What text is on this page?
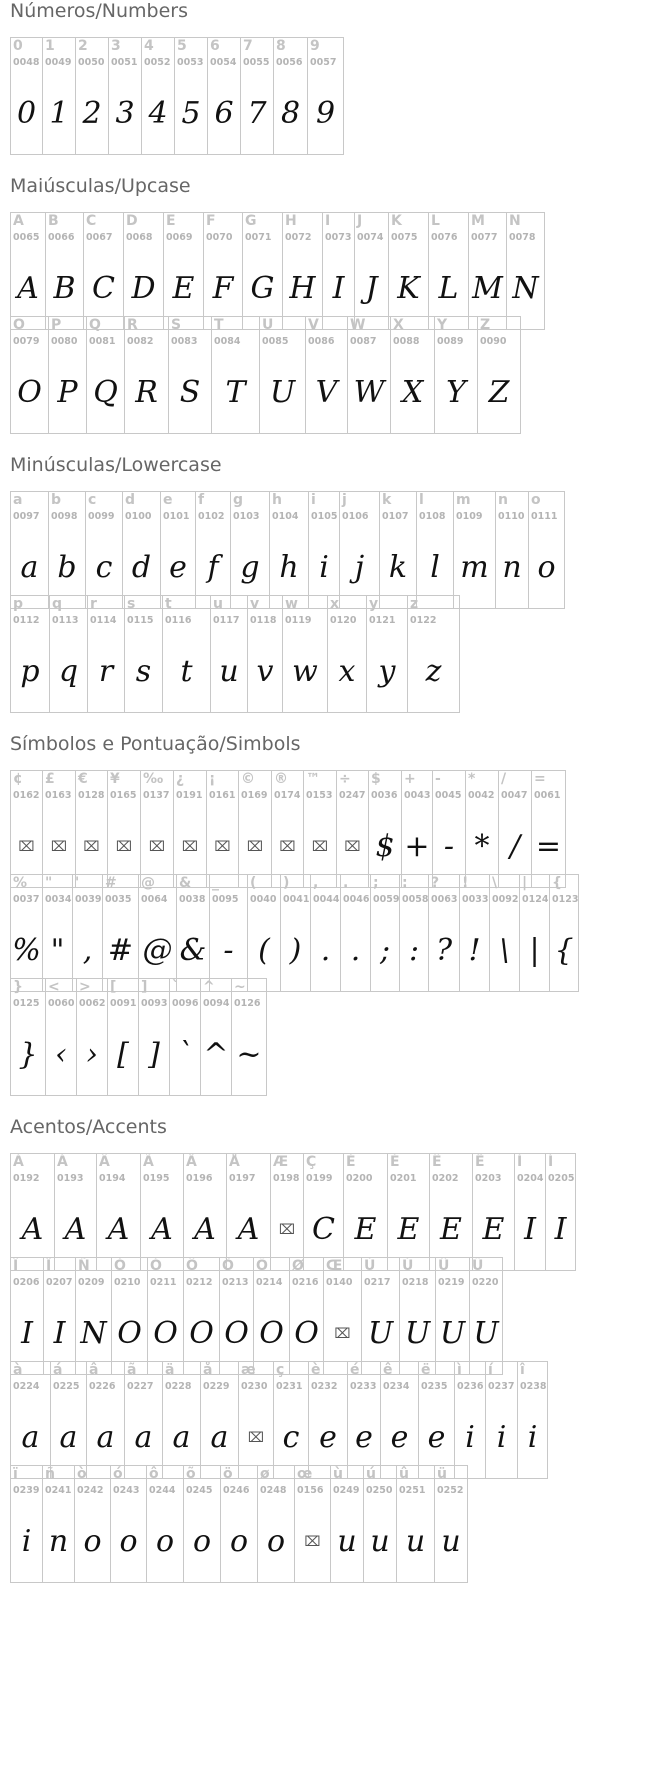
Números/Numbers
0
0048
0
1
0049
1
2
0050
2
3
0051
3
4
0052
4
5
0053
5
6
0054
6
7
0055
7
8
0056
8
9
0057
9
Maiúsculas/Upcase
A
0065
A
B
0066
B
C
0067
C
D
0068
D
E
0069
E
F
0070
F
G
0071
G
H
0072
H
I
0073
I
J
0074
J
K
0075
K
L
0076
L
M
0077
M
N
0078
N
O
0079
O
P
0080
P
Q
0081
Q
R
0082
R
S
0083
S
T
0084
T
U
0085
U
V
0086
V
W
0087
W
X
0088
X
Y
0089
Y
Z
0090
Z
Minúsculas/Lowercase
a
0097
a
b
0098
b
c
0099
c
d
0100
d
e
0101
e
f
0102
f
g
0103
g
h
0104
h
i
0105
i
j
0106
j
k
0107
k
l
0108
l
m
0109
m
n
0110
n
o
0111
o
p
0112
p
q
0113
q
r
0114
r
s
0115
s
t
0116
t
u
0117
u
v
0118
v
w
0119
w
x
0120
x
y
0121
y
z
0122
z
Símbolos e Pontuação/Simbols
¢
0162
⌧
£
0163
⌧
€
0128
⌧
¥
0165
⌧
‰
0137
⌧
¿
0191
⌧
¡
0161
⌧
©
0169
⌧
®
0174
⌧
™
0153
⌧
÷
0247
⌧
$
0036
$
+
0043
+
-
0045
-
*
0042
*
/
0047
/
=
0061
=
%
0037
%
"
0034
"
'
0039
,
#
0035
#
@
0064
@
&
0038
&
_
0095
-
(
0040
(
)
0041
)
,
0044
.
.
0046
.
;
0059
;
:
0058
:
?
0063
?
!
0033
!
\
0092
\
|
0124
|
{
0123
{
}
0125
}
<
0060
‹
>
0062
›
[
0091
[
]
0093
]
`
0096
`
^
0094
^
~
0126
~
Acentos/Accents
À
0192
A
Á
0193
A
Â
0194
A
Ã
0195
A
Ä
0196
A
Å
0197
A
Æ
0198
⌧
Ç
0199
C
È
0200
E
É
0201
E
Ê
0202
E
Ë
0203
E
Ì
0204
I
Í
0205
I
Î
0206
I
Ï
0207
I
Ñ
0209
N
Ò
0210
O
Ó
0211
O
Ô
0212
O
Õ
0213
O
Ö
0214
O
Ø
0216
O
Œ
0140
⌧
Ù
0217
U
Ú
0218
U
Û
0219
U
Ü
0220
U
à
0224
a
á
0225
a
â
0226
a
ã
0227
a
ä
0228
a
å
0229
a
æ
0230
⌧
ç
0231
c
è
0232
e
é
0233
e
ê
0234
e
ë
0235
e
ì
0236
i
í
0237
i
î
0238
i
ï
0239
i
ñ
0241
n
ò
0242
o
ó
0243
o
ô
0244
o
õ
0245
o
ö
0246
o
ø
0248
o
œ
0156
⌧
ù
0249
u
ú
0250
u
û
0251
u
ü
0252
u
